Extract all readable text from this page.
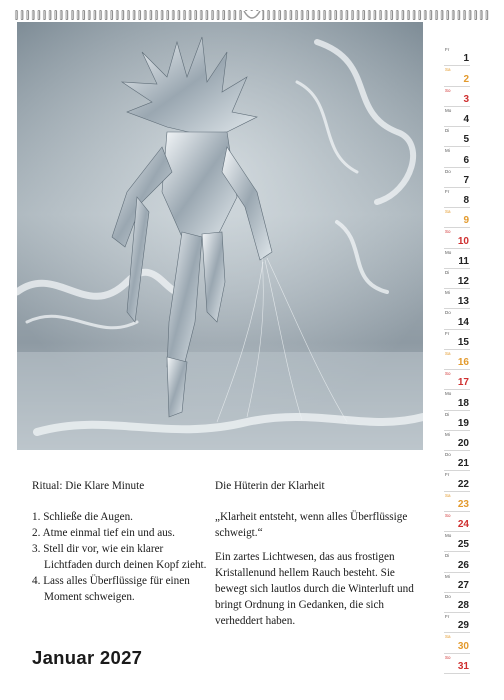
Ritual: Die Klare Minute

1. Schließe die Augen.
2. Atme einmal tief ein und aus.
3. Stell dir vor, wie ein klarer Lichtfaden durch deinen Kopf zieht.
4. Lass alles Überflüssige für einen Moment schweigen.

Die Hüterin der Klarheit

„Klarheit entsteht, wenn alles Überflüssige schweigt.“

Ein zartes Lichtwesen, das aus frostigen Kristallenund hellem Rauch besteht. Sie bewegt sich lautlos durch die Winterluft und bringt Ordnung in Gedanken, die sich verheddert haben.

Januar 2027
Fr
1
Sa
2
So
3
Mo
4
Di
5
Mi
6
Do
7
Fr
8
Sa
9
So
10
Mo
11
Di
12
Mi
13
Do
14
Fr
15
Sa
16
So
17
Mo
18
Di
19
Mi
20
Do
21
Fr
22
Sa
23
So
24
Mo
25
Di
26
Mi
27
Do
28
Fr
29
Sa
30
So
31
